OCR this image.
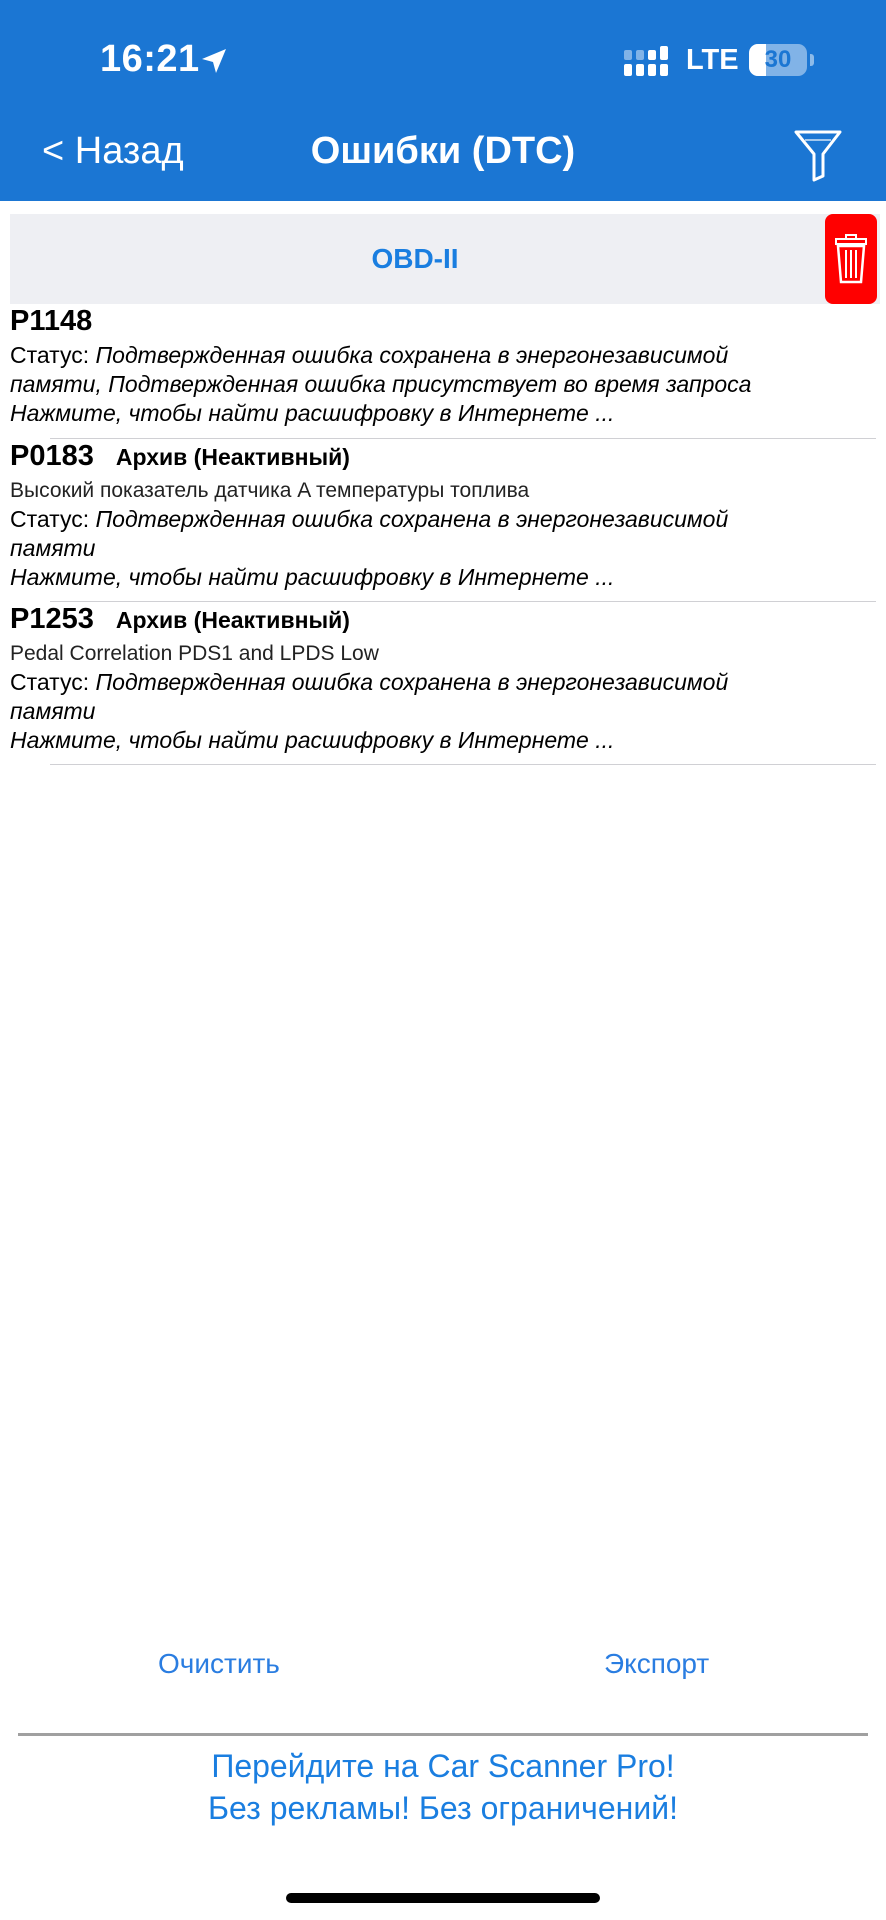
16:21	LTE	30
Ошибки (DTC)
< Назад
OBD-II
P1148
Статус: Подтвержденная ошибка сохранена в энергонезависимой
памяти, Подтвержденная ошибка присутствует во время запроса
Нажмите, чтобы найти расшифровку в Интернете ...
P0183 Архив (Неактивный)
Высокий показатель датчика A температуры топлива
Статус: Подтвержденная ошибка сохранена в энергонезависимой
памяти
Нажмите, чтобы найти расшифровку в Интернете ...
P1253 Архив (Неактивный)
Pedal Correlation PDS1 and LPDS Low
Статус: Подтвержденная ошибка сохранена в энергонезависимой
памяти
Нажмите, чтобы найти расшифровку в Интернете ...
Очистить	Экспорт
Перейдите на Car Scanner Pro!
Без рекламы! Без ограничений!
